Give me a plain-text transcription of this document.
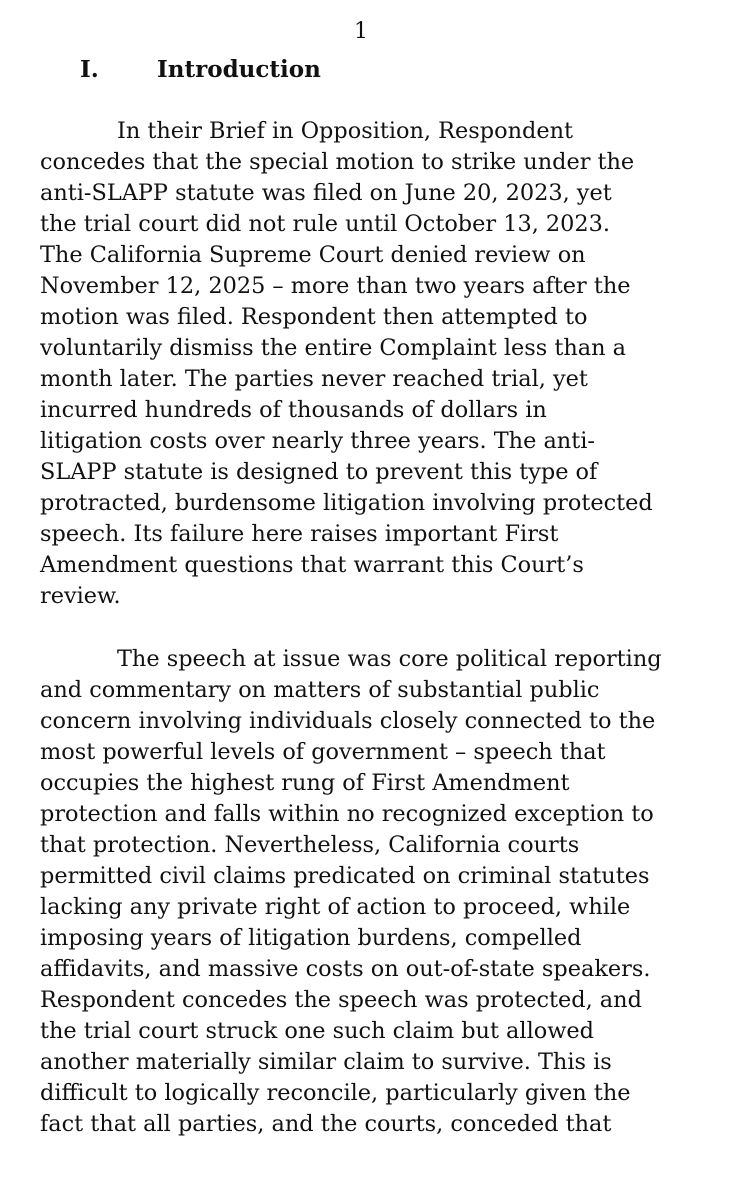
1
I.	Introduction
In their Brief in Opposition, Respondent
concedes that the special motion to strike under the
anti-SLAPP statute was filed on June 20, 2023, yet
the trial court did not rule until October 13, 2023.
The California Supreme Court denied review on
November 12, 2025 – more than two years after the
motion was filed. Respondent then attempted to
voluntarily dismiss the entire Complaint less than a
month later. The parties never reached trial, yet
incurred hundreds of thousands of dollars in
litigation costs over nearly three years. The anti-
SLAPP statute is designed to prevent this type of
protracted, burdensome litigation involving protected
speech. Its failure here raises important First
Amendment questions that warrant this Court’s
review.
The speech at issue was core political reporting
and commentary on matters of substantial public
concern involving individuals closely connected to the
most powerful levels of government – speech that
occupies the highest rung of First Amendment
protection and falls within no recognized exception to
that protection. Nevertheless, California courts
permitted civil claims predicated on criminal statutes
lacking any private right of action to proceed, while
imposing years of litigation burdens, compelled
affidavits, and massive costs on out-of-state speakers.
Respondent concedes the speech was protected, and
the trial court struck one such claim but allowed
another materially similar claim to survive. This is
difficult to logically reconcile, particularly given the
fact that all parties, and the courts, conceded that
